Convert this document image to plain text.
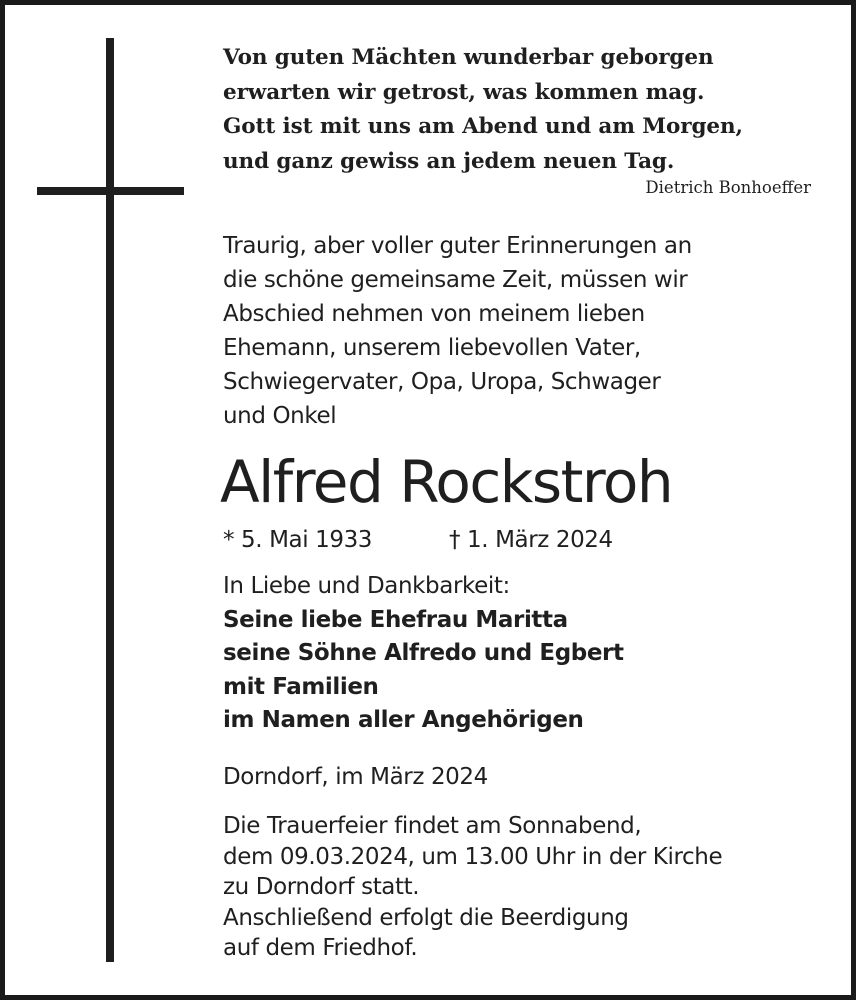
Von guten Mächten wunderbar geborgen
erwarten wir getrost, was kommen mag.
Gott ist mit uns am Abend und am Morgen,
und ganz gewiss an jedem neuen Tag.
Dietrich Bonhoeffer
Traurig, aber voller guter Erinnerungen an
die schöne gemeinsame Zeit, müssen wir
Abschied nehmen von meinem lieben
Ehemann, unserem liebevollen Vater,
Schwiegervater, Opa, Uropa, Schwager
und Onkel
Alfred Rockstroh
* 5. Mai 1933	† 1. März 2024
In Liebe und Dankbarkeit:
Seine liebe Ehefrau Maritta
seine Söhne Alfredo und Egbert
mit Familien
im Namen aller Angehörigen
Dorndorf, im März 2024
Die Trauerfeier findet am Sonnabend,
dem 09.03.2024, um 13.00 Uhr in der Kirche
zu Dorndorf statt.
Anschließend erfolgt die Beerdigung
auf dem Friedhof.
